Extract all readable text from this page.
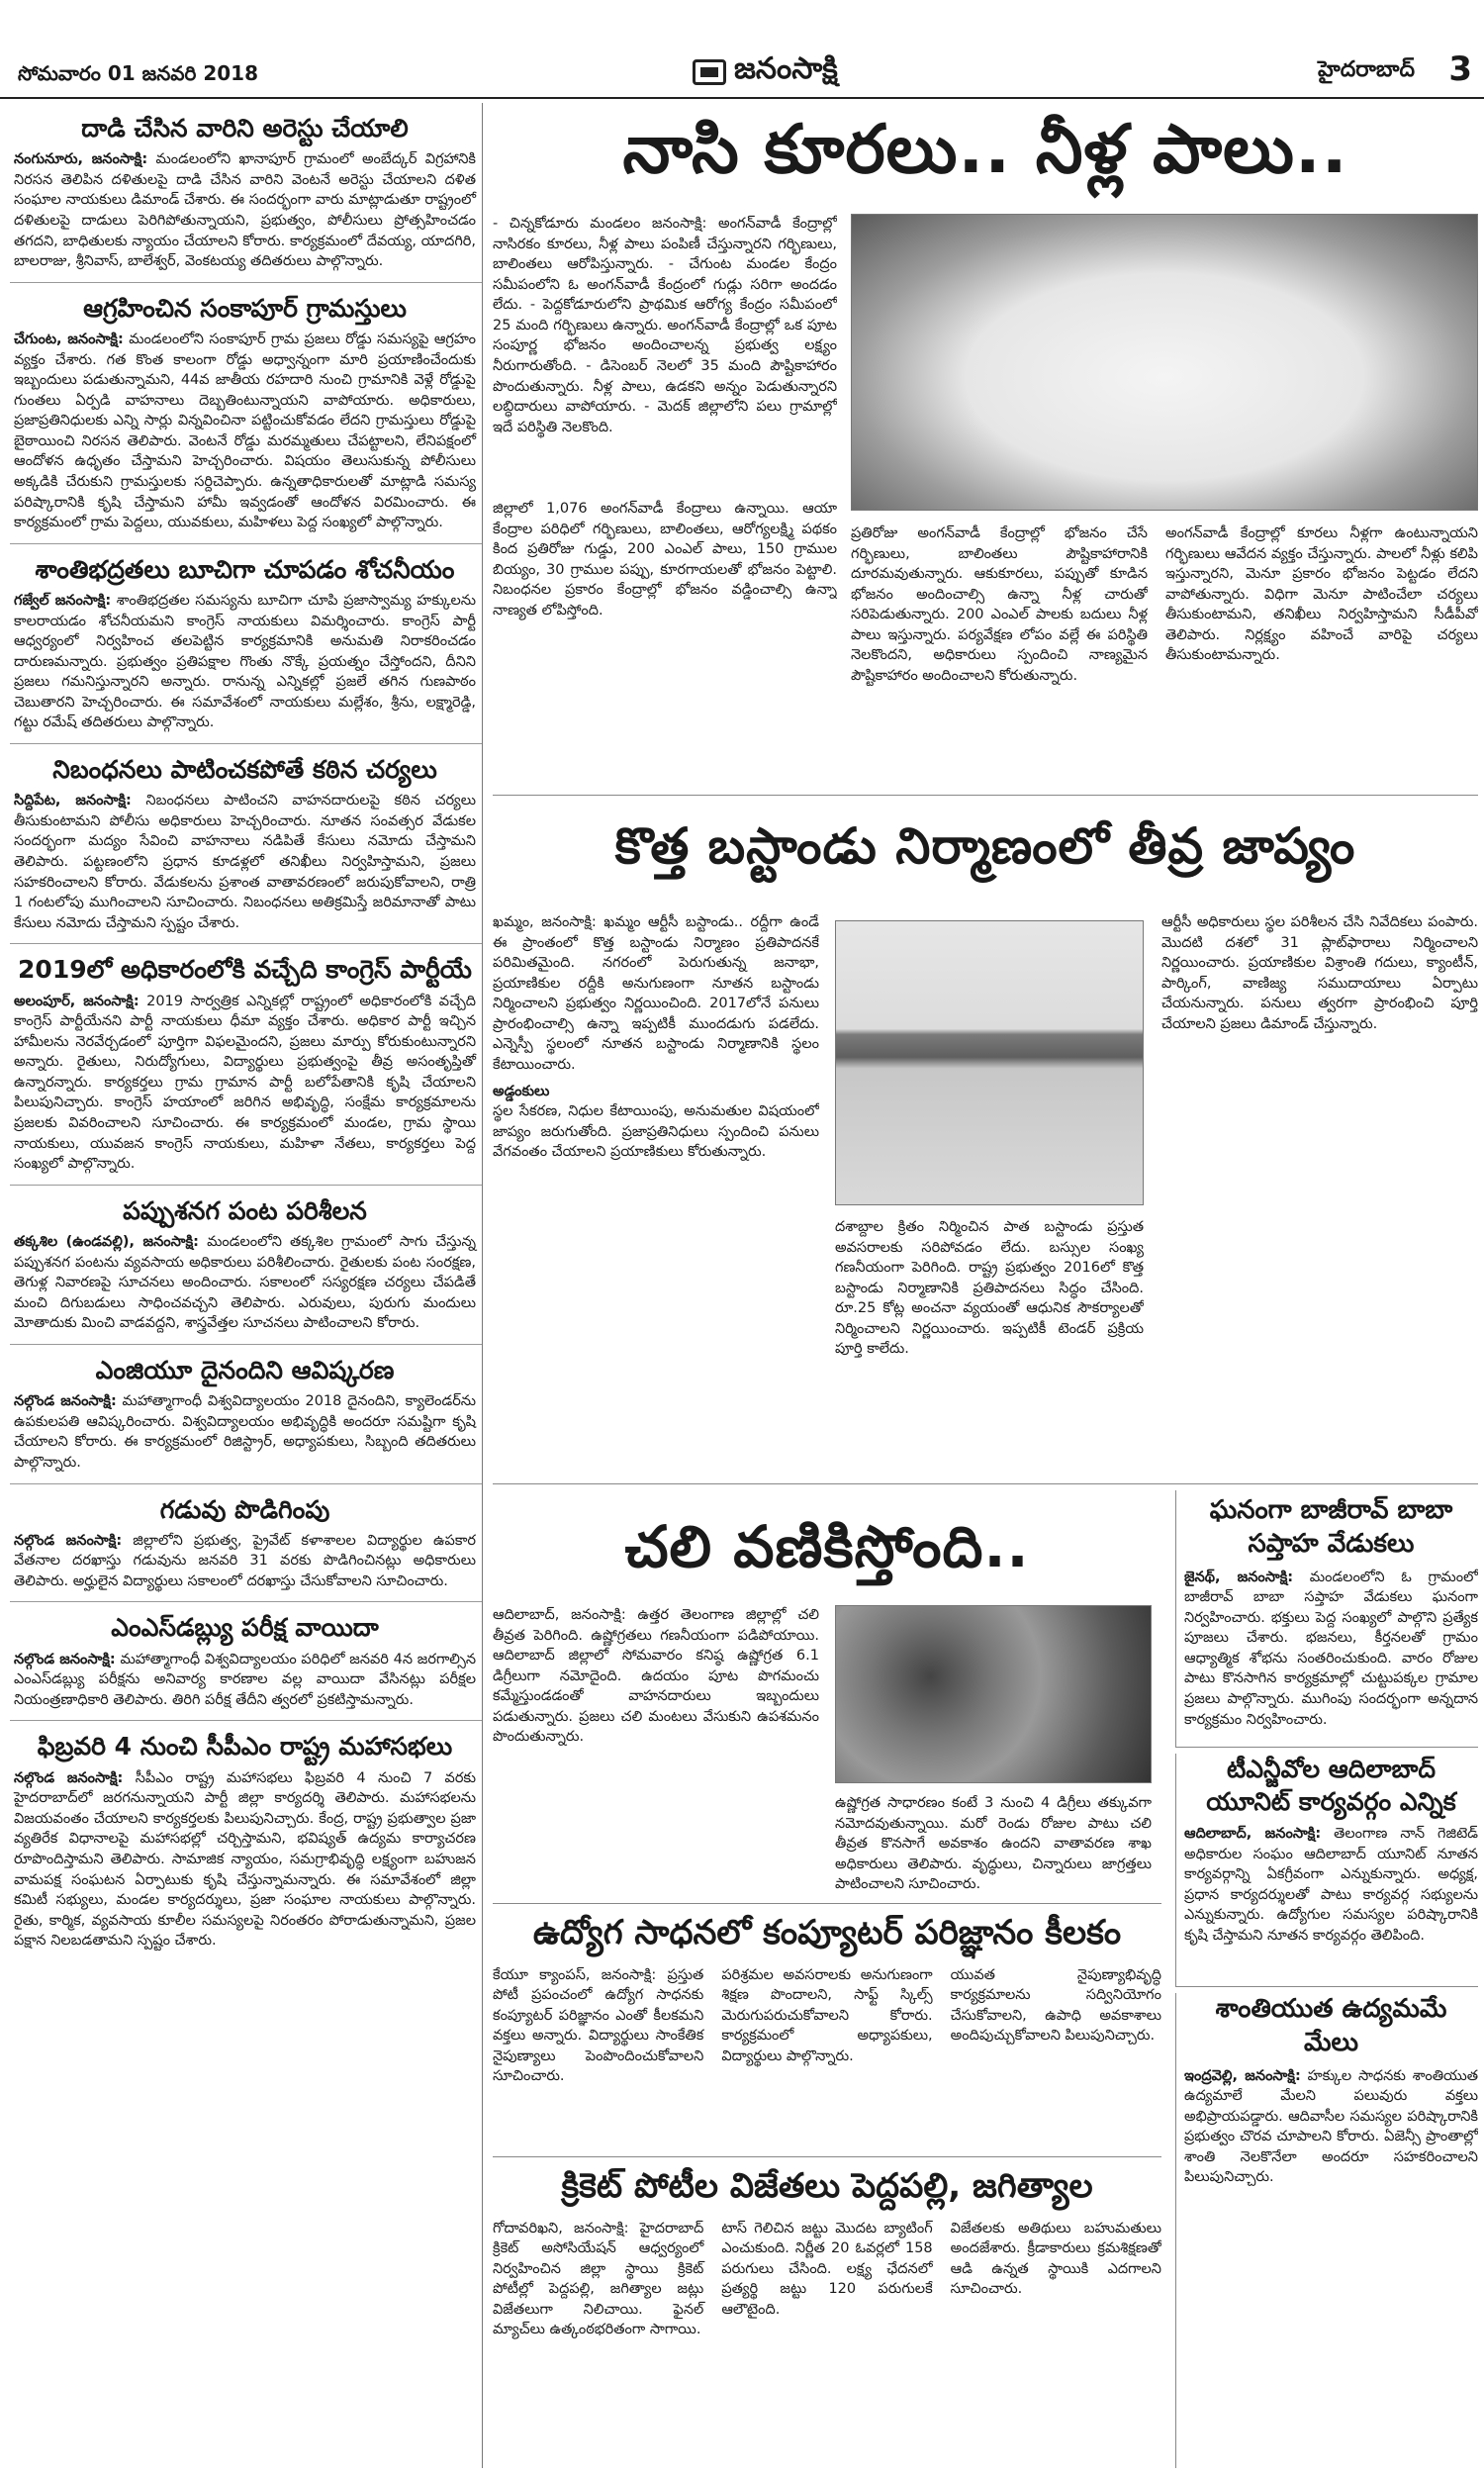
సోమవారం 01 జనవరి 2018	జనంసాక్షి	హైదరాబాద్ 3
దాడి చేసిన వారిని అరెస్టు చేయాలి

నంగునూరు, జనంసాక్షి: మండలంలోని ఖానాపూర్ గ్రామంలో అంబేద్కర్ విగ్రహానికి నిరసన తెలిపిన దళితులపై దాడి చేసిన వారిని వెంటనే అరెస్టు చేయాలని దళిత సంఘాల నాయకులు డిమాండ్ చేశారు. ఈ సందర్భంగా వారు మాట్లాడుతూ రాష్ట్రంలో దళితులపై దాడులు పెరిగిపోతున్నాయని, ప్రభుత్వం, పోలీసులు ప్రోత్సహించడం తగదని, బాధితులకు న్యాయం చేయాలని కోరారు. కార్యక్రమంలో దేవయ్య, యాదగిరి, బాలరాజు, శ్రీనివాస్, బాలేశ్వర్, వెంకటయ్య తదితరులు పాల్గొన్నారు.

ఆగ్రహించిన సంకాపూర్ గ్రామస్తులు

చేగుంట, జనంసాక్షి: మండలంలోని సంకాపూర్ గ్రామ ప్రజలు రోడ్డు సమస్యపై ఆగ్రహం వ్యక్తం చేశారు. గత కొంత కాలంగా రోడ్డు అధ్వాన్నంగా మారి ప్రయాణించేందుకు ఇబ్బందులు పడుతున్నామని, 44వ జాతీయ రహదారి నుంచి గ్రామానికి వెళ్లే రోడ్డుపై గుంతలు ఏర్పడి వాహనాలు దెబ్బతింటున్నాయని వాపోయారు. అధికారులు, ప్రజాప్రతినిధులకు ఎన్ని సార్లు విన్నవించినా పట్టించుకోవడం లేదని గ్రామస్తులు రోడ్డుపై బైఠాయించి నిరసన తెలిపారు. వెంటనే రోడ్డు మరమ్మతులు చేపట్టాలని, లేనిపక్షంలో ఆందోళన ఉధృతం చేస్తామని హెచ్చరించారు. విషయం తెలుసుకున్న పోలీసులు అక్కడికి చేరుకుని గ్రామస్తులకు సర్దిచెప్పారు. ఉన్నతాధికారులతో మాట్లాడి సమస్య పరిష్కారానికి కృషి చేస్తామని హామీ ఇవ్వడంతో ఆందోళన విరమించారు. ఈ కార్యక్రమంలో గ్రామ పెద్దలు, యువకులు, మహిళలు పెద్ద సంఖ్యలో పాల్గొన్నారు.

శాంతిభద్రతలు బూచిగా చూపడం శోచనీయం

గజ్వేల్ జనంసాక్షి: శాంతిభద్రతల సమస్యను బూచిగా చూపి ప్రజాస్వామ్య హక్కులను కాలరాయడం శోచనీయమని కాంగ్రెస్ నాయకులు విమర్శించారు. కాంగ్రెస్ పార్టీ ఆధ్వర్యంలో నిర్వహించ తలపెట్టిన కార్యక్రమానికి అనుమతి నిరాకరించడం దారుణమన్నారు. ప్రభుత్వం ప్రతిపక్షాల గొంతు నొక్కే ప్రయత్నం చేస్తోందని, దీనిని ప్రజలు గమనిస్తున్నారని అన్నారు. రానున్న ఎన్నికల్లో ప్రజలే తగిన గుణపాఠం చెబుతారని హెచ్చరించారు. ఈ సమావేశంలో నాయకులు మల్లేశం, శ్రీను, లక్ష్మారెడ్డి, గట్టు రమేష్ తదితరులు పాల్గొన్నారు.

నిబంధనలు పాటించకపోతే కఠిన చర్యలు

సిద్దిపేట, జనంసాక్షి: నిబంధనలు పాటించని వాహనదారులపై కఠిన చర్యలు తీసుకుంటామని పోలీసు అధికారులు హెచ్చరించారు. నూతన సంవత్సర వేడుకల సందర్భంగా మద్యం సేవించి వాహనాలు నడిపితే కేసులు నమోదు చేస్తామని తెలిపారు. పట్టణంలోని ప్రధాన కూడళ్లలో తనిఖీలు నిర్వహిస్తామని, ప్రజలు సహకరించాలని కోరారు. వేడుకలను ప్రశాంత వాతావరణంలో జరుపుకోవాలని, రాత్రి 1 గంటలోపు ముగించాలని సూచించారు. నిబంధనలు అతిక్రమిస్తే జరిమానాతో పాటు కేసులు నమోదు చేస్తామని స్పష్టం చేశారు.

2019లో అధికారంలోకి వచ్చేది కాంగ్రెస్ పార్టీయే

అలంపూర్, జనంసాక్షి: 2019 సార్వత్రిక ఎన్నికల్లో రాష్ట్రంలో అధికారంలోకి వచ్చేది కాంగ్రెస్ పార్టీయేనని పార్టీ నాయకులు ధీమా వ్యక్తం చేశారు. అధికార పార్టీ ఇచ్చిన హామీలను నెరవేర్చడంలో పూర్తిగా విఫలమైందని, ప్రజలు మార్పు కోరుకుంటున్నారని అన్నారు. రైతులు, నిరుద్యోగులు, విద్యార్థులు ప్రభుత్వంపై తీవ్ర అసంతృప్తితో ఉన్నారన్నారు. కార్యకర్తలు గ్రామ గ్రామాన పార్టీ బలోపేతానికి కృషి చేయాలని పిలుపునిచ్చారు. కాంగ్రెస్ హయాంలో జరిగిన అభివృద్ధి, సంక్షేమ కార్యక్రమాలను ప్రజలకు వివరించాలని సూచించారు. ఈ కార్యక్రమంలో మండల, గ్రామ స్థాయి నాయకులు, యువజన కాంగ్రెస్ నాయకులు, మహిళా నేతలు, కార్యకర్తలు పెద్ద సంఖ్యలో పాల్గొన్నారు.

పప్పుశనగ పంట పరిశీలన

తక్కశిల (ఉండవల్లి), జనంసాక్షి: మండలంలోని తక్కశిల గ్రామంలో సాగు చేస్తున్న పప్పుశనగ పంటను వ్యవసాయ అధికారులు పరిశీలించారు. రైతులకు పంట సంరక్షణ, తెగుళ్ల నివారణపై సూచనలు అందించారు. సకాలంలో సస్యరక్షణ చర్యలు చేపడితే మంచి దిగుబడులు సాధించవచ్చని తెలిపారు. ఎరువులు, పురుగు మందులు మోతాదుకు మించి వాడవద్దని, శాస్త్రవేత్తల సూచనలు పాటించాలని కోరారు.

ఎంజియూ దైనందిని ఆవిష్కరణ

నల్గొండ జనంసాక్షి: మహాత్మాగాంధీ విశ్వవిద్యాలయం 2018 దైనందిని, క్యాలెండర్‌ను ఉపకులపతి ఆవిష్కరించారు. విశ్వవిద్యాలయం అభివృద్ధికి అందరూ సమష్టిగా కృషి చేయాలని కోరారు. ఈ కార్యక్రమంలో రిజిస్ట్రార్, అధ్యాపకులు, సిబ్బంది తదితరులు పాల్గొన్నారు.

గడువు పొడిగింపు

నల్గొండ జనంసాక్షి: జిల్లాలోని ప్రభుత్వ, ప్రైవేట్ కళాశాలల విద్యార్థుల ఉపకార వేతనాల దరఖాస్తు గడువును జనవరి 31 వరకు పొడిగించినట్లు అధికారులు తెలిపారు. అర్హులైన విద్యార్థులు సకాలంలో దరఖాస్తు చేసుకోవాలని సూచించారు.

ఎంఎస్‌డబ్ల్యు పరీక్ష వాయిదా

నల్గొండ జనంసాక్షి: మహాత్మాగాంధీ విశ్వవిద్యాలయం పరిధిలో జనవరి 4న జరగాల్సిన ఎంఎస్‌డబ్ల్యు పరీక్షను అనివార్య కారణాల వల్ల వాయిదా వేసినట్లు పరీక్షల నియంత్రణాధికారి తెలిపారు. తిరిగి పరీక్ష తేదీని త్వరలో ప్రకటిస్తామన్నారు.

ఫిబ్రవరి 4 నుంచి సీపీఎం రాష్ట్ర మహాసభలు

నల్గొండ జనంసాక్షి: సీపీఎం రాష్ట్ర మహాసభలు ఫిబ్రవరి 4 నుంచి 7 వరకు హైదరాబాద్‌లో జరగనున్నాయని పార్టీ జిల్లా కార్యదర్శి తెలిపారు. మహాసభలను విజయవంతం చేయాలని కార్యకర్తలకు పిలుపునిచ్చారు. కేంద్ర, రాష్ట్ర ప్రభుత్వాల ప్రజా వ్యతిరేక విధానాలపై మహాసభల్లో చర్చిస్తామని, భవిష్యత్ ఉద్యమ కార్యాచరణ రూపొందిస్తామని తెలిపారు. సామాజిక న్యాయం, సమగ్రాభివృద్ధి లక్ష్యంగా బహుజన వామపక్ష సంఘటన ఏర్పాటుకు కృషి చేస్తున్నామన్నారు. ఈ సమావేశంలో జిల్లా కమిటీ సభ్యులు, మండల కార్యదర్శులు, ప్రజా సంఘాల నాయకులు పాల్గొన్నారు. రైతు, కార్మిక, వ్యవసాయ కూలీల సమస్యలపై నిరంతరం పోరాడుతున్నామని, ప్రజల పక్షాన నిలబడతామని స్పష్టం చేశారు.

నాసి కూరలు.. నీళ్ల పాలు..
- చిన్నకోడూరు మండలం జనంసాక్షి: అంగన్‌వాడీ కేంద్రాల్లో నాసిరకం కూరలు, నీళ్ల పాలు పంపిణీ చేస్తున్నారని గర్భిణులు, బాలింతలు ఆరోపిస్తున్నారు. - చేగుంట మండల కేంద్రం సమీపంలోని ఓ అంగన్‌వాడీ కేంద్రంలో గుడ్లు సరిగా అందడం లేదు. - పెద్దకోడూరులోని ప్రాథమిక ఆరోగ్య కేంద్రం సమీపంలో 25 మంది గర్భిణులు ఉన్నారు. అంగన్‌వాడీ కేంద్రాల్లో ఒక పూట సంపూర్ణ భోజనం అందించాలన్న ప్రభుత్వ లక్ష్యం నీరుగారుతోంది. - డిసెంబర్ నెలలో 35 మంది పౌష్టికాహారం పొందుతున్నారు. నీళ్ల పాలు, ఉడకని అన్నం పెడుతున్నారని లబ్ధిదారులు వాపోయారు. - మెదక్ జిల్లాలోని పలు గ్రామాల్లో ఇదే పరిస్థితి నెలకొంది.
జిల్లాలో 1,076 అంగన్‌వాడీ కేంద్రాలు ఉన్నాయి. ఆయా కేంద్రాల పరిధిలో గర్భిణులు, బాలింతలు, ఆరోగ్యలక్ష్మి పథకం కింద ప్రతిరోజు గుడ్డు, 200 ఎంఎల్ పాలు, 150 గ్రాముల బియ్యం, 30 గ్రాముల పప్పు, కూరగాయలతో భోజనం పెట్టాలి. నిబంధనల ప్రకారం కేంద్రాల్లో భోజనం వడ్డించాల్సి ఉన్నా నాణ్యత లోపిస్తోంది.
ప్రతిరోజు అంగన్‌వాడీ కేంద్రాల్లో భోజనం చేసే గర్భిణులు, బాలింతలు పౌష్టికాహారానికి దూరమవుతున్నారు. ఆకుకూరలు, పప్పుతో కూడిన భోజనం అందించాల్సి ఉన్నా నీళ్ల చారుతో సరిపెడుతున్నారు. 200 ఎంఎల్ పాలకు బదులు నీళ్ల పాలు ఇస్తున్నారు. పర్యవేక్షణ లోపం వల్లే ఈ పరిస్థితి నెలకొందని, అధికారులు స్పందించి నాణ్యమైన పౌష్టికాహారం అందించాలని కోరుతున్నారు.
అంగన్‌వాడీ కేంద్రాల్లో కూరలు నీళ్లగా ఉంటున్నాయని గర్భిణులు ఆవేదన వ్యక్తం చేస్తున్నారు. పాలలో నీళ్లు కలిపి ఇస్తున్నారని, మెనూ ప్రకారం భోజనం పెట్టడం లేదని వాపోతున్నారు. విధిగా మెనూ పాటించేలా చర్యలు తీసుకుంటామని, తనిఖీలు నిర్వహిస్తామని సీడీపీవో తెలిపారు. నిర్లక్ష్యం వహించే వారిపై చర్యలు తీసుకుంటామన్నారు.
కొత్త బస్టాండు నిర్మాణంలో తీవ్ర జాప్యం
ఖమ్మం, జనంసాక్షి: ఖమ్మం ఆర్టీసీ బస్టాండు.. రద్దీగా ఉండే ఈ ప్రాంతంలో కొత్త బస్టాండు నిర్మాణం ప్రతిపాదనకే పరిమితమైంది. నగరంలో పెరుగుతున్న జనాభా, ప్రయాణికుల రద్దీకి అనుగుణంగా నూతన బస్టాండు నిర్మించాలని ప్రభుత్వం నిర్ణయించింది. 2017లోనే పనులు ప్రారంభించాల్సి ఉన్నా ఇప్పటికీ ముందడుగు పడలేదు. ఎన్నెస్పీ స్థలంలో నూతన బస్టాండు నిర్మాణానికి స్థలం కేటాయించారు.
అడ్డంకులు
స్థల సేకరణ, నిధుల కేటాయింపు, అనుమతుల విషయంలో జాప్యం జరుగుతోంది. ప్రజాప్రతినిధులు స్పందించి పనులు వేగవంతం చేయాలని ప్రయాణికులు కోరుతున్నారు.
దశాబ్దాల క్రితం నిర్మించిన పాత బస్టాండు ప్రస్తుత అవసరాలకు సరిపోవడం లేదు. బస్సుల సంఖ్య గణనీయంగా పెరిగింది. రాష్ట్ర ప్రభుత్వం 2016లో కొత్త బస్టాండు నిర్మాణానికి ప్రతిపాదనలు సిద్ధం చేసింది. రూ.25 కోట్ల అంచనా వ్యయంతో ఆధునిక సౌకర్యాలతో నిర్మించాలని నిర్ణయించారు. ఇప్పటికీ టెండర్ ప్రక్రియ పూర్తి కాలేదు.
ఆర్టీసీ అధికారులు స్థల పరిశీలన చేసి నివేదికలు పంపారు. మొదటి దశలో 31 ప్లాట్‌ఫారాలు నిర్మించాలని నిర్ణయించారు. ప్రయాణికుల విశ్రాంతి గదులు, క్యాంటీన్, పార్కింగ్, వాణిజ్య సముదాయాలు ఏర్పాటు చేయనున్నారు. పనులు త్వరగా ప్రారంభించి పూర్తి చేయాలని ప్రజలు డిమాండ్ చేస్తున్నారు.
చలి వణికిస్తోంది..
ఆదిలాబాద్, జనంసాక్షి: ఉత్తర తెలంగాణ జిల్లాల్లో చలి తీవ్రత పెరిగింది. ఉష్ణోగ్రతలు గణనీయంగా పడిపోయాయి. ఆదిలాబాద్ జిల్లాలో సోమవారం కనిష్ఠ ఉష్ణోగ్రత 6.1 డిగ్రీలుగా నమోదైంది. ఉదయం పూట పొగమంచు కమ్మేస్తుండడంతో వాహనదారులు ఇబ్బందులు పడుతున్నారు. ప్రజలు చలి మంటలు వేసుకుని ఉపశమనం పొందుతున్నారు.
ఉష్ణోగ్రత సాధారణం కంటే 3 నుంచి 4 డిగ్రీలు తక్కువగా నమోదవుతున్నాయి. మరో రెండు రోజుల పాటు చలి తీవ్రత కొనసాగే అవకాశం ఉందని వాతావరణ శాఖ అధికారులు తెలిపారు. వృద్ధులు, చిన్నారులు జాగ్రత్తలు పాటించాలని సూచించారు.
ఘనంగా బాజీరావ్ బాబా సప్తాహ వేడుకలు

జైనథ్, జనంసాక్షి: మండలంలోని ఓ గ్రామంలో బాజీరావ్ బాబా సప్తాహ వేడుకలు ఘనంగా నిర్వహించారు. భక్తులు పెద్ద సంఖ్యలో పాల్గొని ప్రత్యేక పూజలు చేశారు. భజనలు, కీర్తనలతో గ్రామం ఆధ్యాత్మిక శోభను సంతరించుకుంది. వారం రోజుల పాటు కొనసాగిన కార్యక్రమాల్లో చుట్టుపక్కల గ్రామాల ప్రజలు పాల్గొన్నారు. ముగింపు సందర్భంగా అన్నదాన కార్యక్రమం నిర్వహించారు.

టీఎన్జీవోల ఆదిలాబాద్ యూనిట్ కార్యవర్గం ఎన్నిక

ఆదిలాబాద్, జనంసాక్షి: తెలంగాణ నాన్ గెజిటెడ్ అధికారుల సంఘం ఆదిలాబాద్ యూనిట్ నూతన కార్యవర్గాన్ని ఏకగ్రీవంగా ఎన్నుకున్నారు. అధ్యక్ష, ప్రధాన కార్యదర్శులతో పాటు కార్యవర్గ సభ్యులను ఎన్నుకున్నారు. ఉద్యోగుల సమస్యల పరిష్కారానికి కృషి చేస్తామని నూతన కార్యవర్గం తెలిపింది.

శాంతియుత ఉద్యమమే మేలు

ఇంద్రవెల్లి, జనంసాక్షి: హక్కుల సాధనకు శాంతియుత ఉద్యమాలే మేలని పలువురు వక్తలు అభిప్రాయపడ్డారు. ఆదివాసీల సమస్యల పరిష్కారానికి ప్రభుత్వం చొరవ చూపాలని కోరారు. ఏజెన్సీ ప్రాంతాల్లో శాంతి నెలకొనేలా అందరూ సహకరించాలని పిలుపునిచ్చారు.

ఉద్యోగ సాధనలో కంప్యూటర్ పరిజ్ఞానం కీలకం
కేయూ క్యాంపస్, జనంసాక్షి: ప్రస్తుత పోటీ ప్రపంచంలో ఉద్యోగ సాధనకు కంప్యూటర్ పరిజ్ఞానం ఎంతో కీలకమని వక్తలు అన్నారు. విద్యార్థులు సాంకేతిక నైపుణ్యాలు పెంపొందించుకోవాలని సూచించారు.
పరిశ్రమల అవసరాలకు అనుగుణంగా శిక్షణ పొందాలని, సాఫ్ట్ స్కిల్స్ మెరుగుపరుచుకోవాలని కోరారు. కార్యక్రమంలో అధ్యాపకులు, విద్యార్థులు పాల్గొన్నారు.
యువత నైపుణ్యాభివృద్ధి కార్యక్రమాలను సద్వినియోగం చేసుకోవాలని, ఉపాధి అవకాశాలు అందిపుచ్చుకోవాలని పిలుపునిచ్చారు.
క్రికెట్ పోటీల విజేతలు పెద్దపల్లి, జగిత్యాల
గోదావరిఖని, జనంసాక్షి: హైదరాబాద్ క్రికెట్ అసోసియేషన్ ఆధ్వర్యంలో నిర్వహించిన జిల్లా స్థాయి క్రికెట్ పోటీల్లో పెద్దపల్లి, జగిత్యాల జట్లు విజేతలుగా నిలిచాయి. ఫైనల్ మ్యాచ్‌లు ఉత్కంఠభరితంగా సాగాయి.
టాస్ గెలిచిన జట్టు మొదట బ్యాటింగ్ ఎంచుకుంది. నిర్ణీత 20 ఓవర్లలో 158 పరుగులు చేసింది. లక్ష్య ఛేదనలో ప్రత్యర్థి జట్టు 120 పరుగులకే ఆలౌటైంది.
విజేతలకు అతిథులు బహుమతులు అందజేశారు. క్రీడాకారులు క్రమశిక్షణతో ఆడి ఉన్నత స్థాయికి ఎదగాలని సూచించారు.
